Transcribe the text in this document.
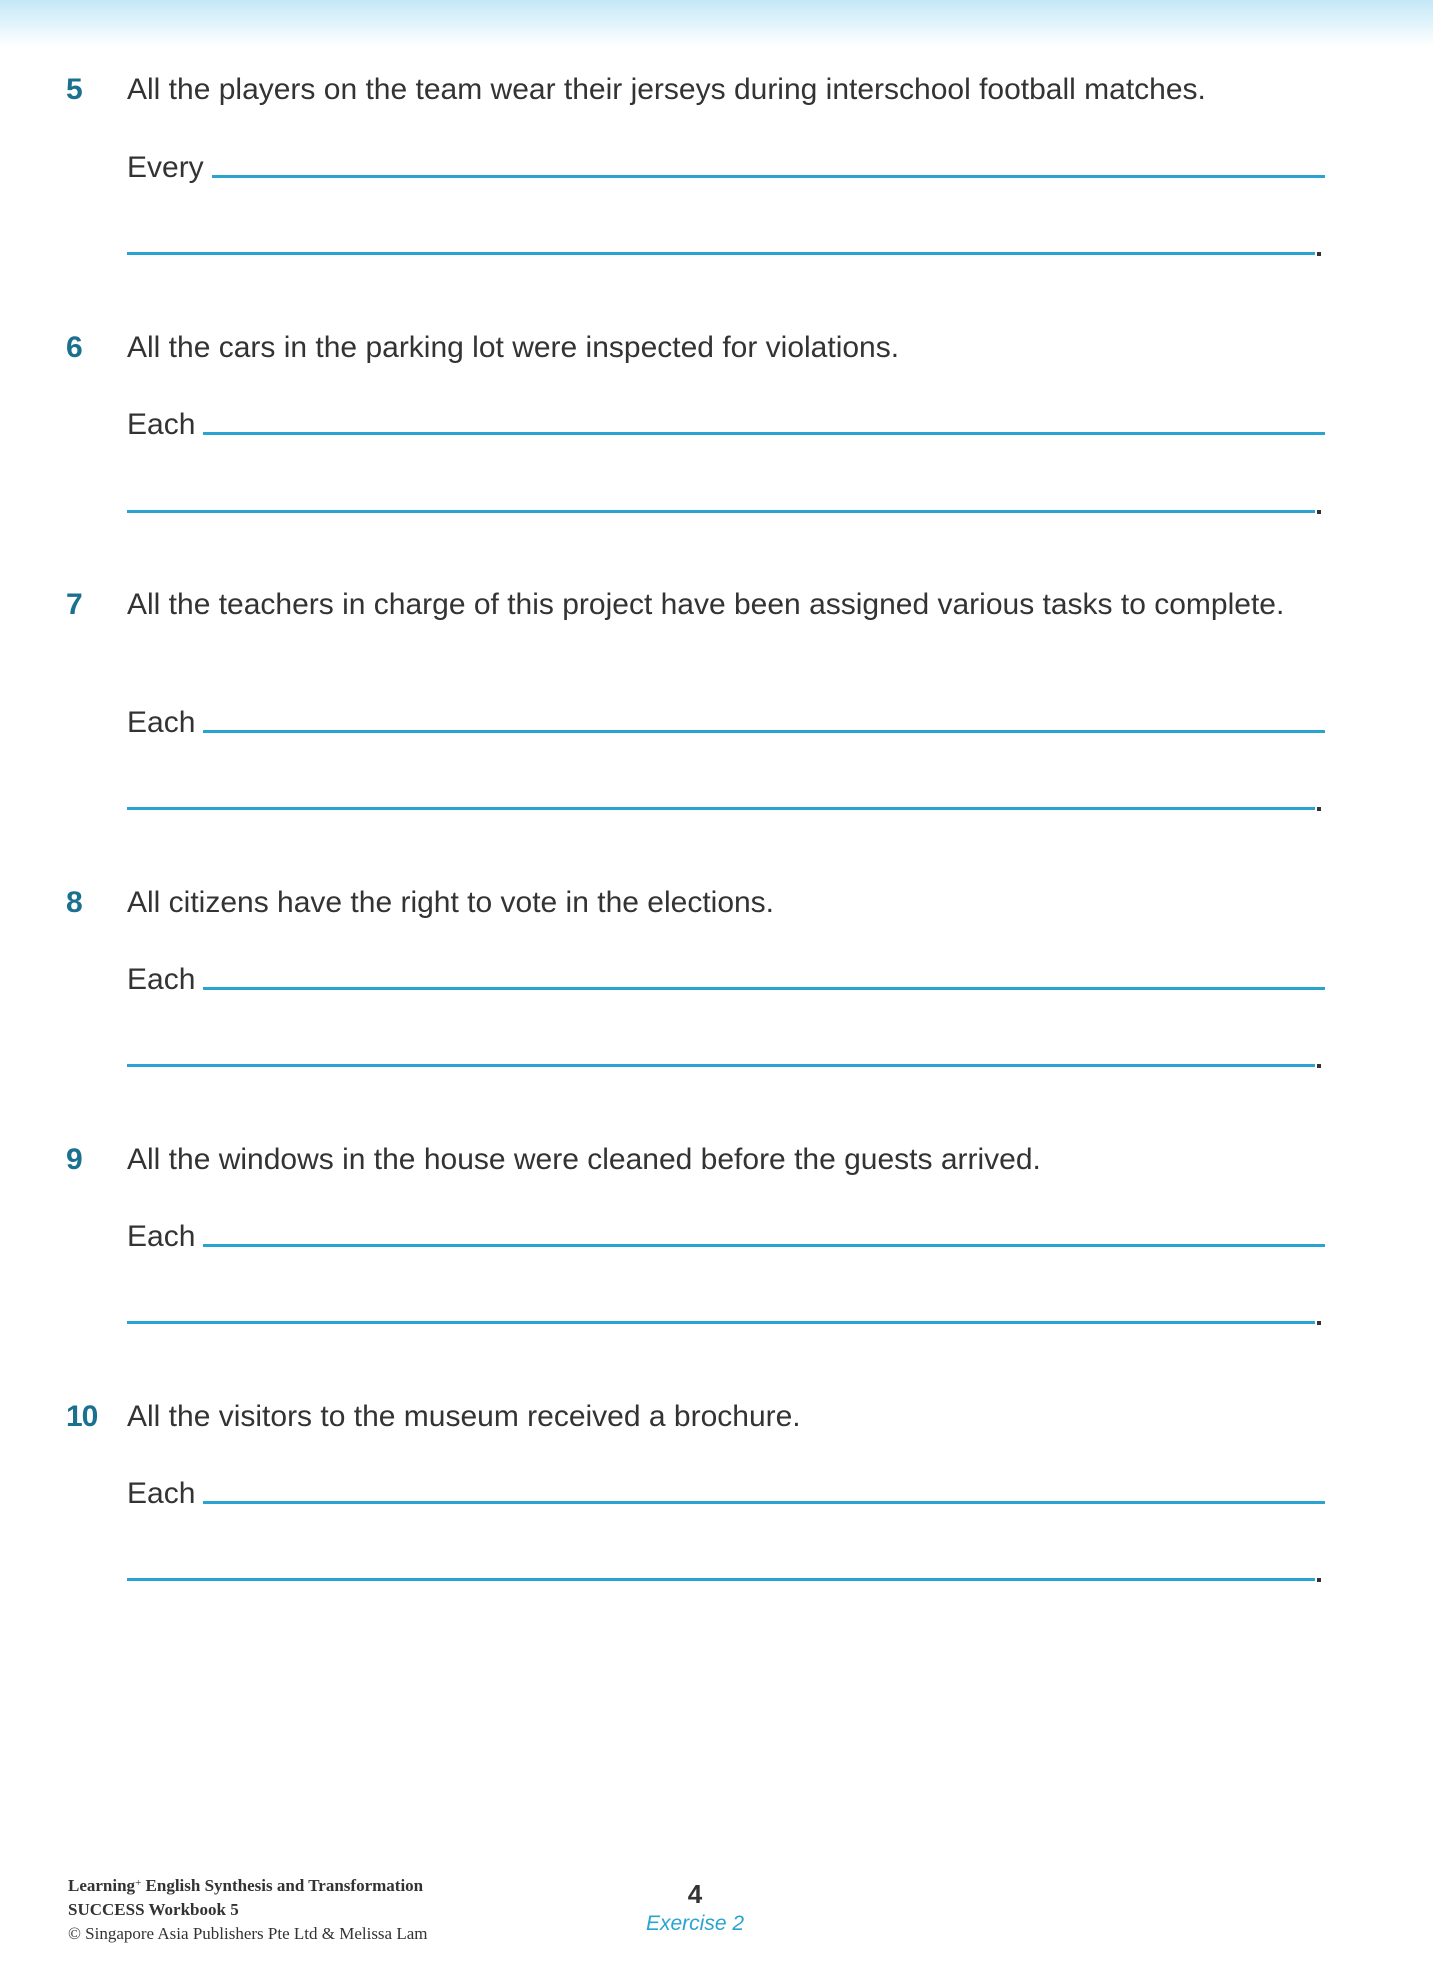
5 All the players on the team wear their jerseys during interschool football matches.
Every
6 All the cars in the parking lot were inspected for violations.
Each
7 All the teachers in charge of this project have been assigned various tasks to complete.
Each
8 All citizens have the right to vote in the elections.
Each
9 All the windows in the house were cleaned before the guests arrived.
Each
10 All the visitors to the museum received a brochure.
Each
Learning+ English Synthesis and Transformation
SUCCESS Workbook 5
© Singapore Asia Publishers Pte Ltd & Melissa Lam
4
Exercise 2
